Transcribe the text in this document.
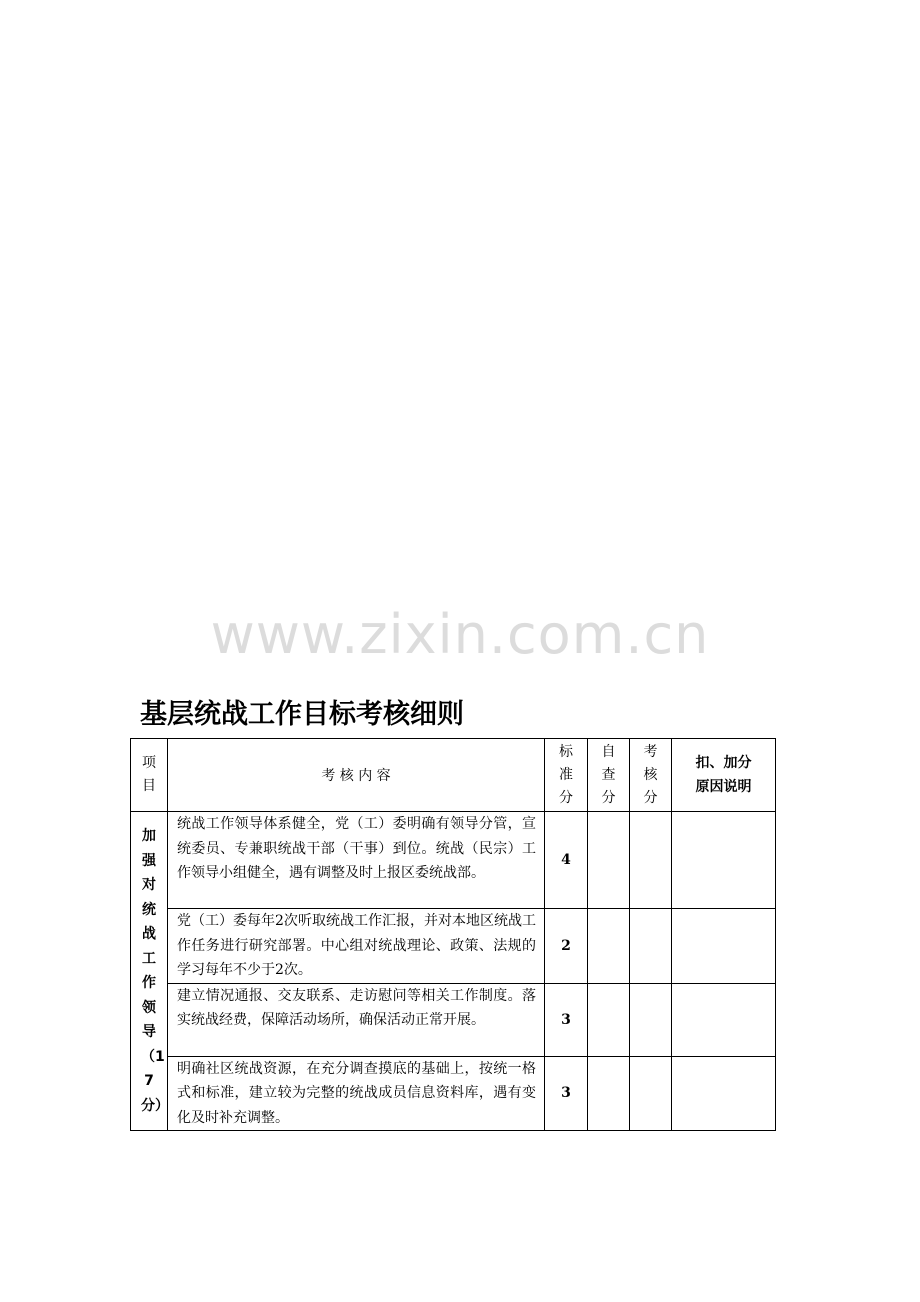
www.zixin.com.cn
基层统战工作目标考核细则
项目	考 核 内 容	标准分	自查分	考核分	扣、加分
原因说明

加强对统战工作领导（17分）	统战工作领导体系健全，党（工）委明确有领导分管，宣统委员、专兼职统战干部（干事）到位。统战（民宗）工作领导小组健全，遇有调整及时上报区委统战部。	4			
	党（工）委每年2次听取统战工作汇报，并对本地区统战工作任务进行研究部署。中心组对统战理论、政策、法规的学习每年不少于2次。	2			
	建立情况通报、交友联系、走访慰问等相关工作制度。落实统战经费，保障活动场所，确保活动正常开展。	3			
	明确社区统战资源，在充分调查摸底的基础上，按统一格式和标准，建立较为完整的统战成员信息资料库，遇有变化及时补充调整。	3			
